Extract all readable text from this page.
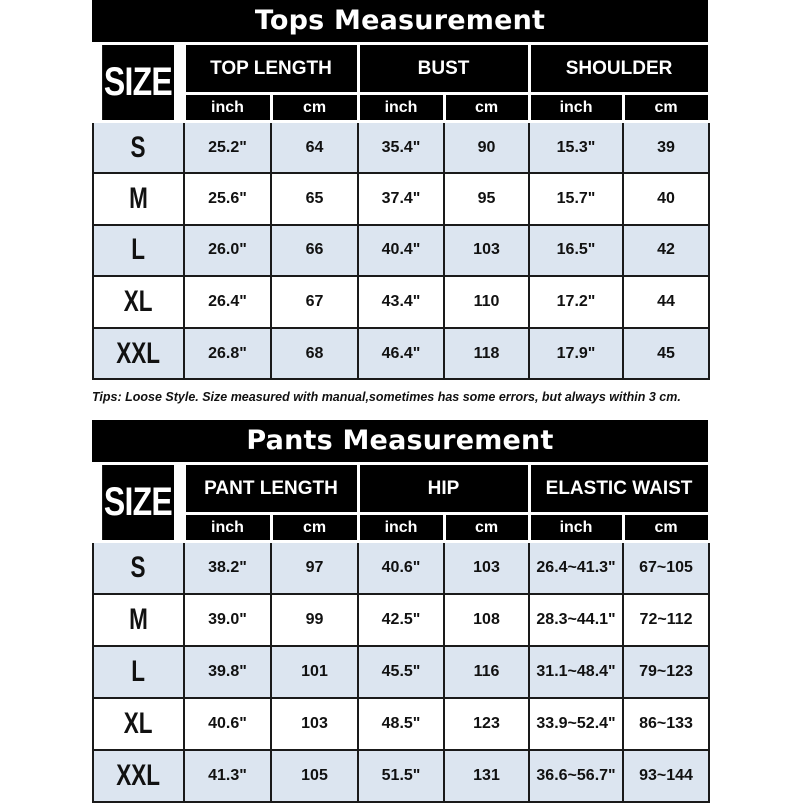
Tops Measurement
SIZE	TOP LENGTH		BUST		SHOULDER	
	inch	cm	inch	cm	inch	cm
S	25.2"	64	35.4"	90	15.3"	39
M	25.6"	65	37.4"	95	15.7"	40
L	26.0"	66	40.4"	103	16.5"	42
XL	26.4"	67	43.4"	110	17.2"	44
XXL	26.8"	68	46.4"	118	17.9"	45
Tips: Loose Style. Size measured with manual,sometimes has some errors, but always within 3 cm.
Pants Measurement
SIZE	PANT LENGTH		HIP		ELASTIC WAIST	
	inch	cm	inch	cm	inch	cm
S	38.2"	97	40.6"	103	26.4~41.3"	67~105
M	39.0"	99	42.5"	108	28.3~44.1"	72~112
L	39.8"	101	45.5"	116	31.1~48.4"	79~123
XL	40.6"	103	48.5"	123	33.9~52.4"	86~133
XXL	41.3"	105	51.5"	131	36.6~56.7"	93~144
